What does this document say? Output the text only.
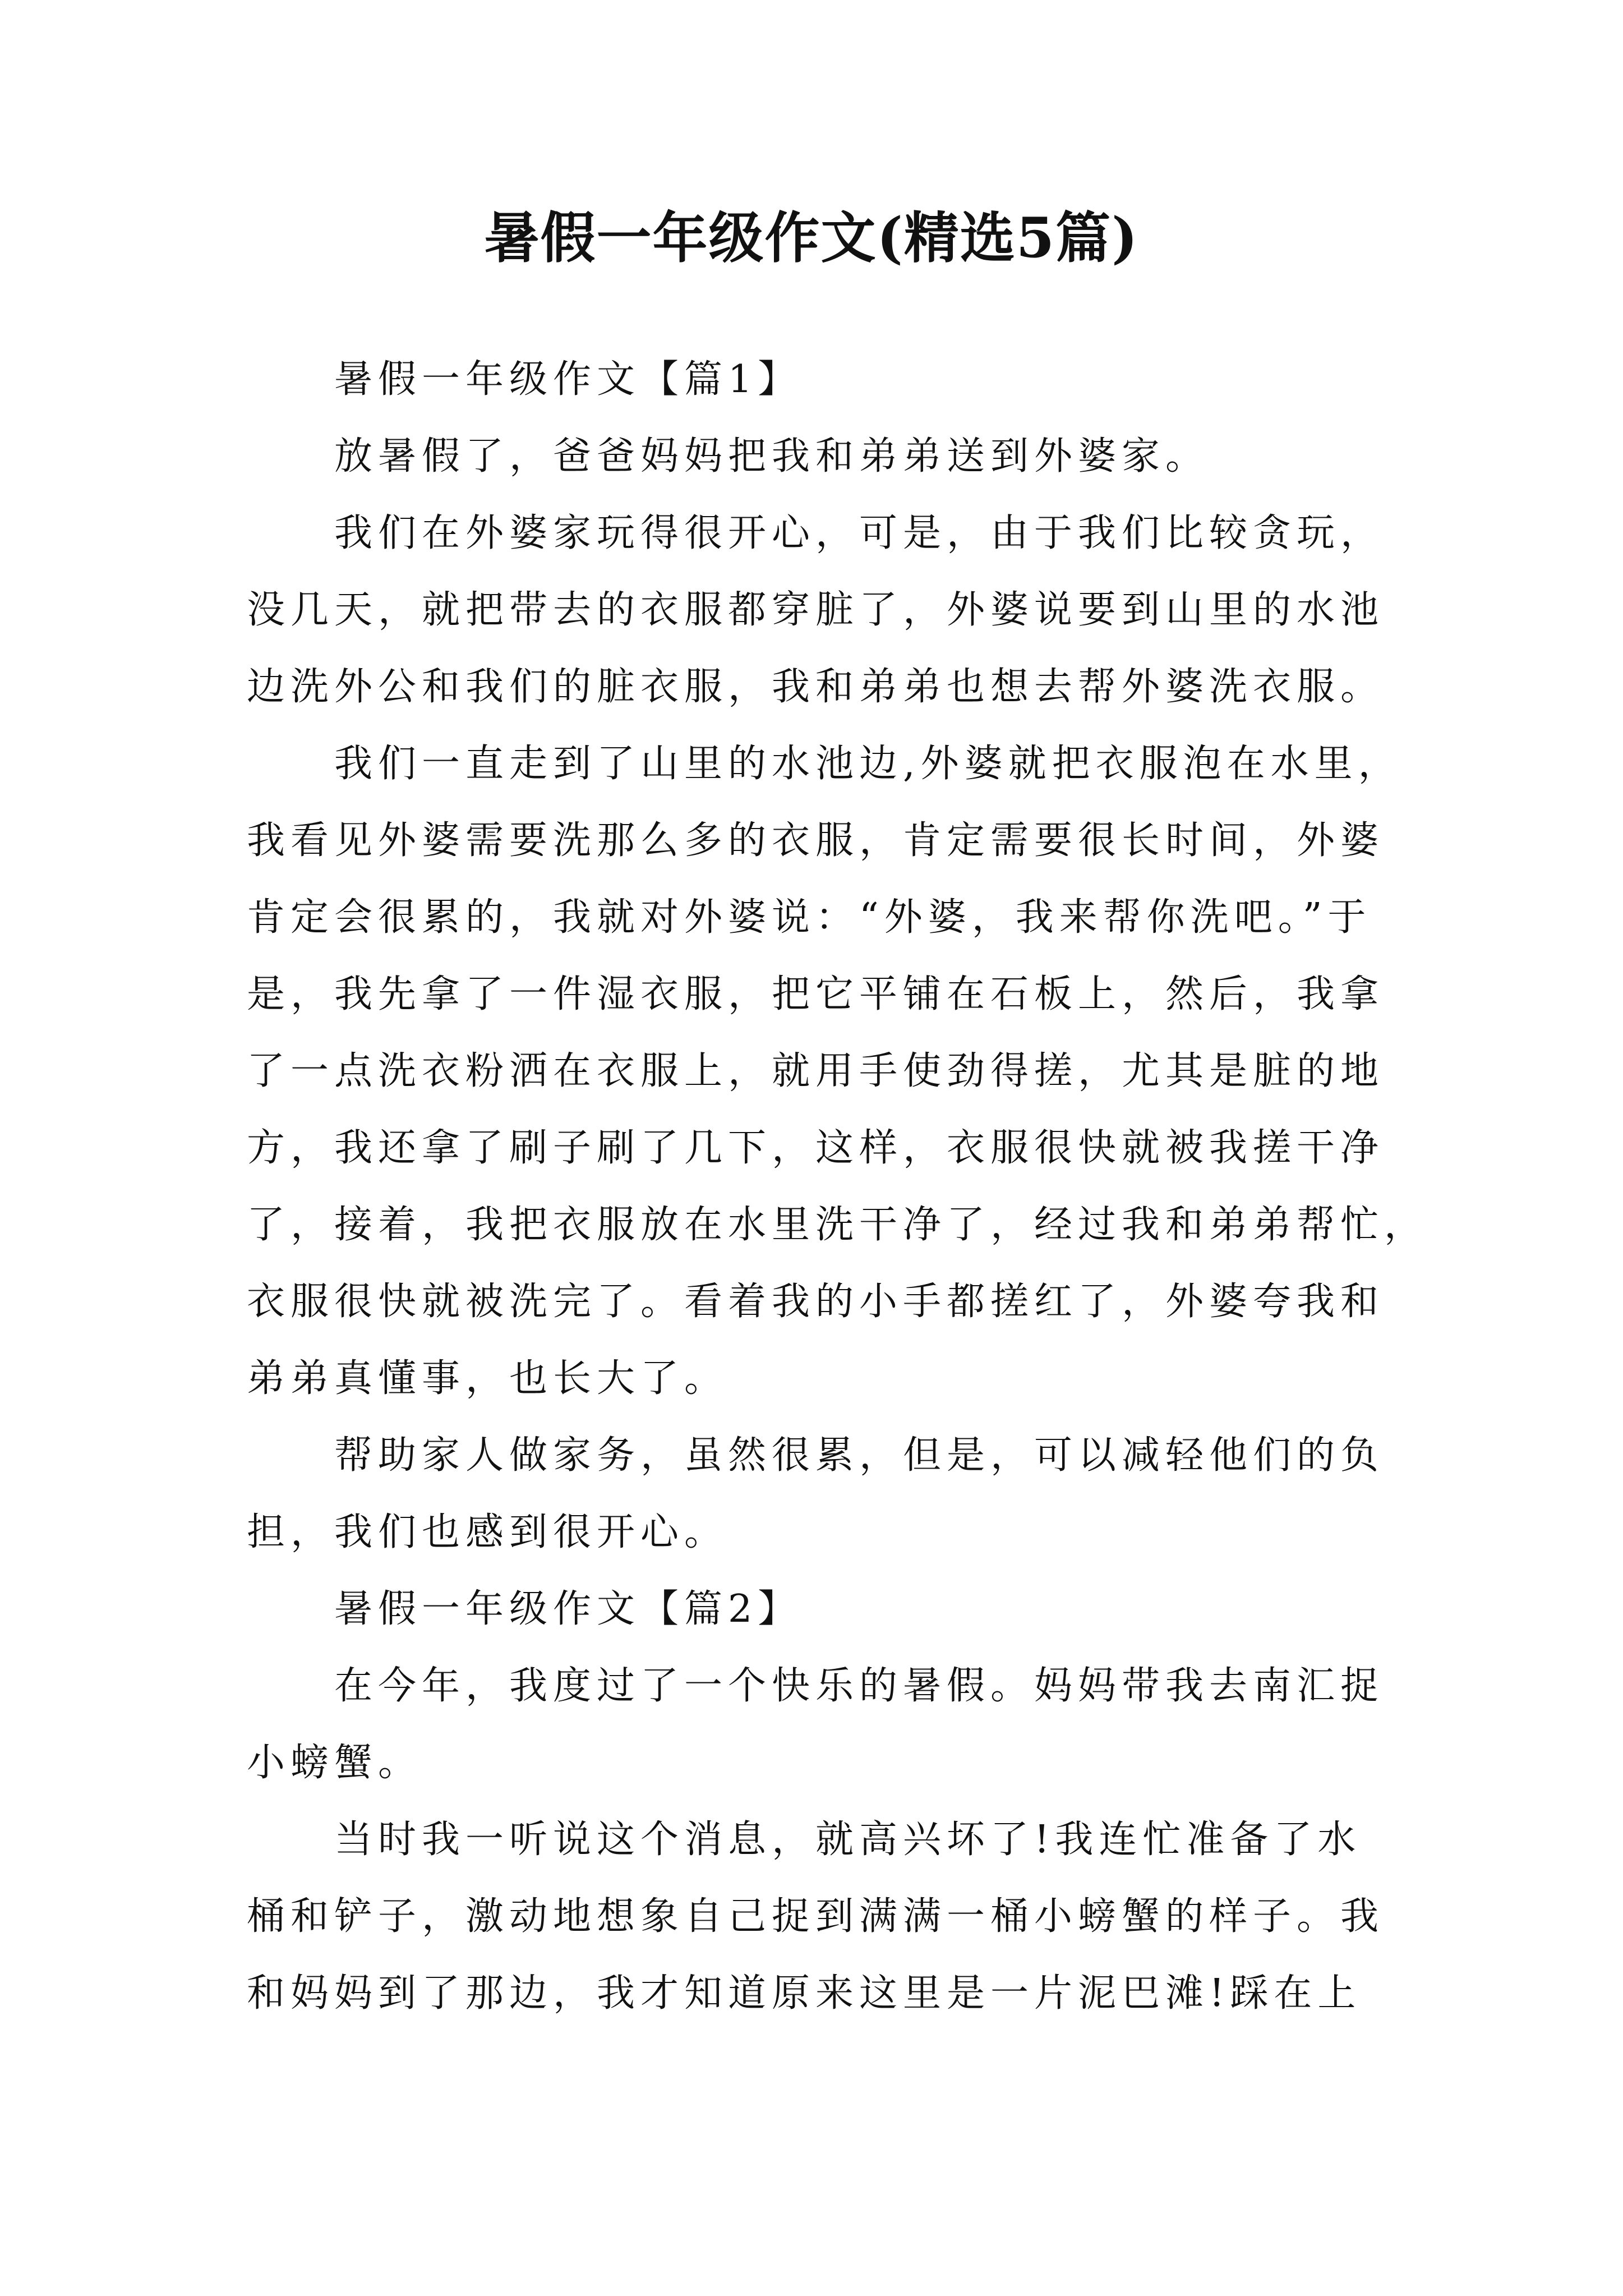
暑假一年级作文(精选5篇)

暑假一年级作文【篇1】

放暑假了，爸爸妈妈把我和弟弟送到外婆家。

我们在外婆家玩得很开心，可是，由于我们比较贪玩，
没几天，就把带去的衣服都穿脏了，外婆说要到山里的水池
边洗外公和我们的脏衣服，我和弟弟也想去帮外婆洗衣服。

我们一直走到了山里的水池边,外婆就把衣服泡在水里，
我看见外婆需要洗那么多的衣服，肯定需要很长时间，外婆
肯定会很累的，我就对外婆说：“外婆，我来帮你洗吧。”于
是，我先拿了一件湿衣服，把它平铺在石板上，然后，我拿
了一点洗衣粉洒在衣服上，就用手使劲得搓，尤其是脏的地
方，我还拿了刷子刷了几下，这样，衣服很快就被我搓干净
了，接着，我把衣服放在水里洗干净了，经过我和弟弟帮忙，
衣服很快就被洗完了。看着我的小手都搓红了，外婆夸我和
弟弟真懂事，也长大了。

帮助家人做家务，虽然很累，但是，可以减轻他们的负
担，我们也感到很开心。

暑假一年级作文【篇2】

在今年，我度过了一个快乐的暑假。妈妈带我去南汇捉
小螃蟹。

当时我一听说这个消息，就高兴坏了!我连忙准备了水
桶和铲子，激动地想象自己捉到满满一桶小螃蟹的样子。我
和妈妈到了那边，我才知道原来这里是一片泥巴滩!踩在上
